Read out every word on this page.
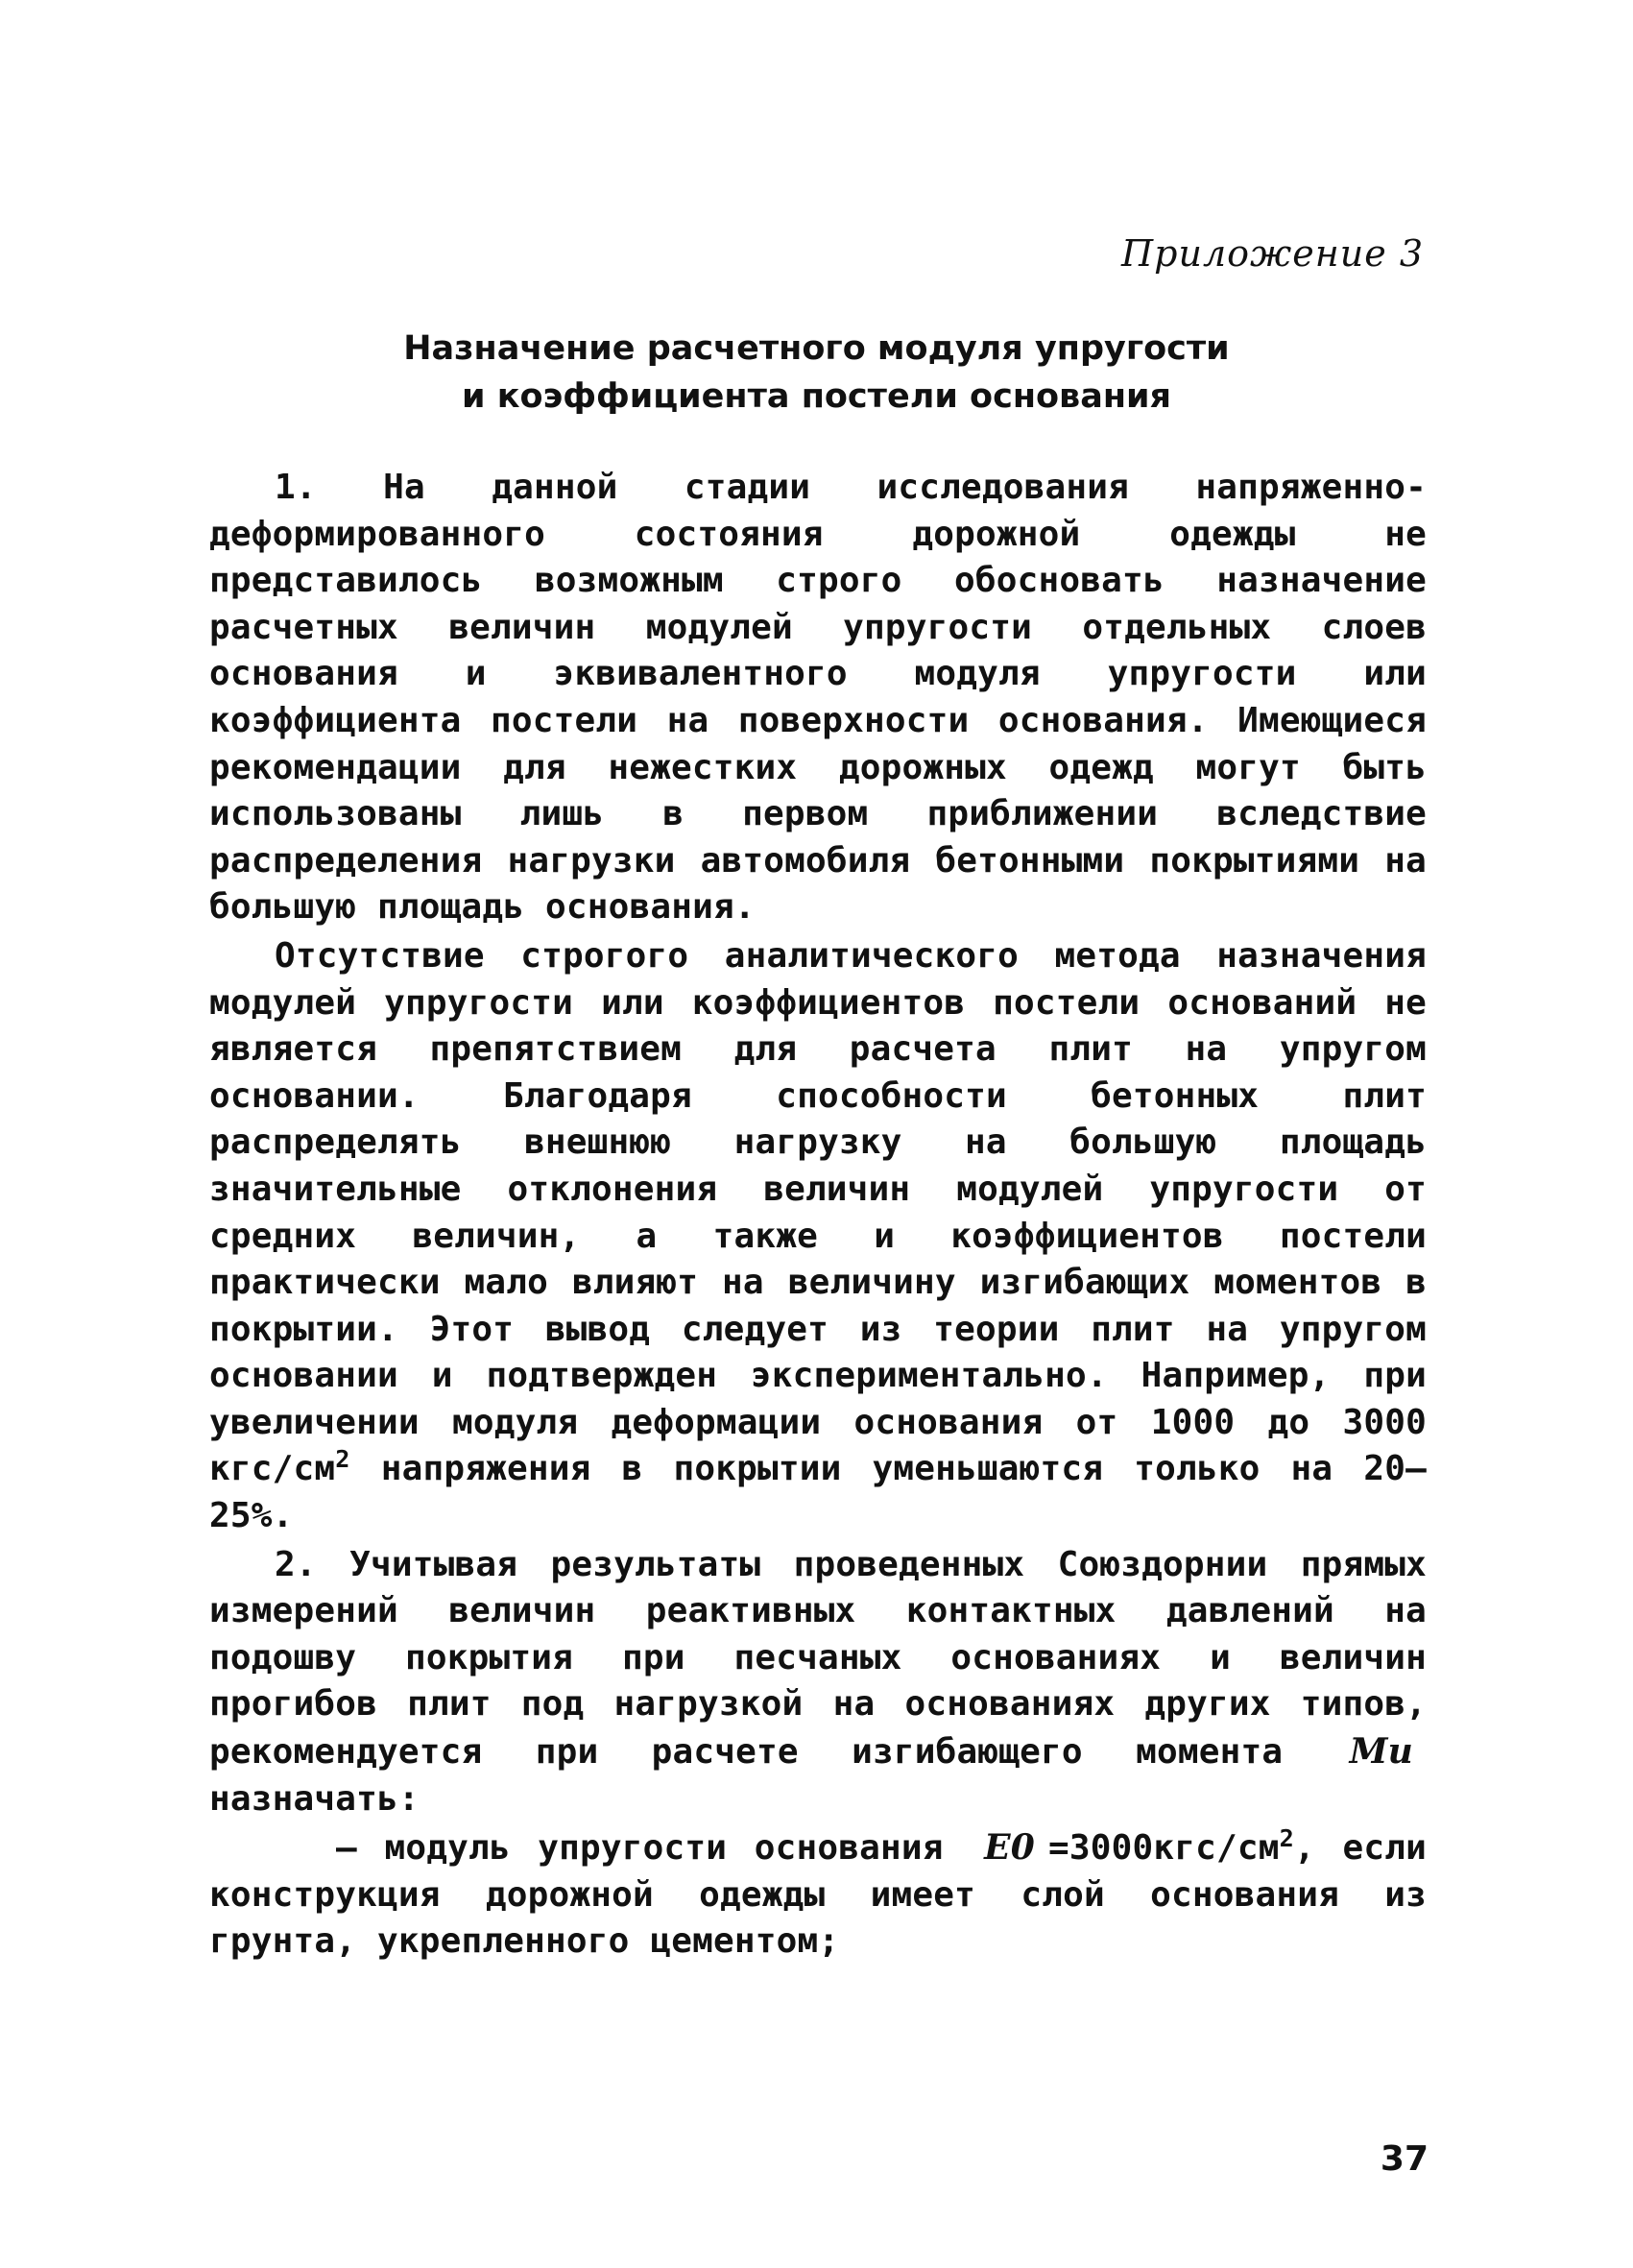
Приложение 3
Назначение расчетного модуля упругости
и коэффициента постели основания

1. На данной стадии исследования напряженно-деформированного состояния дорожной одежды не представилось возможным строго обосновать назначение расчетных величин модулей упругости отдельных слоев основания и эквивалентного модуля упругости или коэффициента постели на поверхности основания. Имеющиеся рекомендации для нежестких дорожных одежд могут быть использованы лишь в первом приближении вследствие распределения нагрузки автомобиля бетонными покрытиями на большую площадь основания.

Отсутствие строгого аналитического метода назначения модулей упругости или коэффициентов постели оснований не является препятствием для расчета плит на упругом основании. Благодаря способности бетонных плит распределять внешнюю нагрузку на большую площадь значительные отклонения величин модулей упругости от средних величин, а также и коэффициентов постели практически мало влияют на величину изгибающих моментов в покрытии. Этот вывод следует из теории плит на упругом основании и подтвержден экспериментально. Например, при увеличении модуля деформации основания от 1000 до 3000 кгс/$см^2$ напряжения в покрытии уменьшаются только на 20–25%.

2. Учитывая результаты проведенных Союздорнии прямых измерений величин реактивных контактных давлений на подошву покрытия при песчаных основаниях и величин прогибов плит под нагрузкой на основаниях других типов, рекомендуется при расчете изгибающего момента Mи назначать:

– модуль упругости основания $E0 =3000кгс/см^2$, если конструкция дорожной одежды имеет слой основания из грунта, укрепленного цементом;

37
